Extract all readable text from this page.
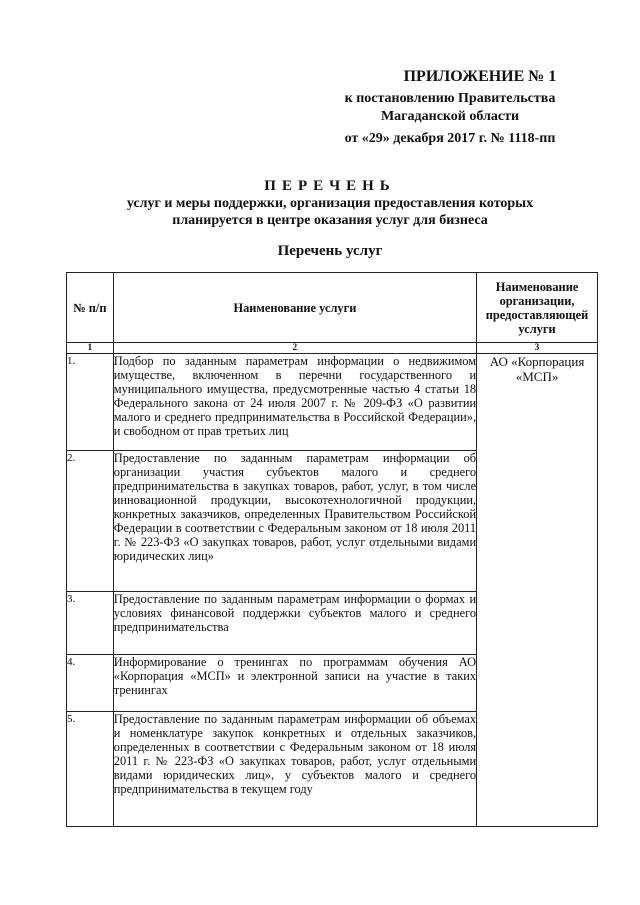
ПРИЛОЖЕНИЕ № 1
к постановлению Правительства
Магаданской области
от «29» декабря 2017 г. № 1118-пп
ПЕРЕЧЕНЬ
услуг и меры поддержки, организация предоставления которых
планируется в центре оказания услуг для бизнеса
Перечень услуг
№ п/п	Наименование услуги	Наименование организации, предоставляющей услуги
1	2	3
1.	Подбор по заданным параметрам информации о недвижимом имуществе, включенном в перечни государственного и муниципального имущества, предусмотренные частью 4 статьи 18 Федерального закона от 24 июля 2007 г. № 209-ФЗ «О развитии малого и среднего предпринимательства в Российской Федерации», и свободном от прав третьих лиц	АО «Корпорация «МСП»
2.	Предоставление по заданным параметрам информации об организации участия субъектов малого и среднего предпринимательства в закупках товаров, работ, услуг, в том числе инновационной продукции, высокотехнологичной продукции, конкретных заказчиков, определенных Правительством Российской Федерации в соответствии с Федеральным законом от 18 июля 2011 г. № 223-ФЗ «О закупках товаров, работ, услуг отдельными видами юридических лиц»	
3.	Предоставление по заданным параметрам информации о формах и условиях финансовой поддержки субъектов малого и среднего предпринимательства	
4.	Информирование о тренингах по программам обучения АО «Корпорация «МСП» и электронной записи на участие в таких тренингах	
5.	Предоставление по заданным параметрам информации об объемах и номенклатуре закупок конкретных и отдельных заказчиков, определенных в соответствии с Федеральным законом от 18 июля 2011 г. № 223-ФЗ «О закупках товаров, работ, услуг отдельными видами юридических лиц», у субъектов малого и среднего предпринимательства в текущем году	
